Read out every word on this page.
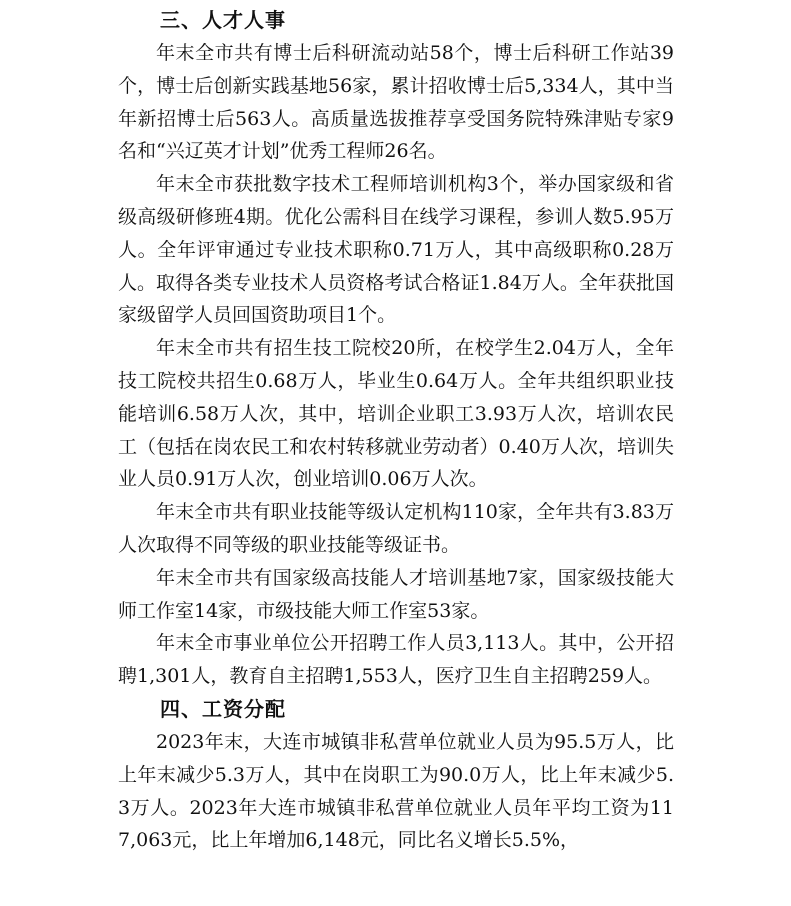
三、人才人事

年末全市共有博士后科研流动站58个，博士后科研工作站39个，博士后创新实践基地56家，累计招收博士后5,334人，其中当年新招博士后563人。高质量选拔推荐享受国务院特殊津贴专家9名和“兴辽英才计划”优秀工程师26名。

年末全市获批数字技术工程师培训机构3个，举办国家级和省级高级研修班4期。优化公需科目在线学习课程，参训人数5.95万人。全年评审通过专业技术职称0.71万人，其中高级职称0.28万人。取得各类专业技术人员资格考试合格证1.84万人。全年获批国家级留学人员回国资助项目1个。

年末全市共有招生技工院校20所，在校学生2.04万人，全年技工院校共招生0.68万人，毕业生0.64万人。全年共组织职业技能培训6.58万人次，其中，培训企业职工3.93万人次，培训农民工（包括在岗农民工和农村转移就业劳动者）0.40万人次，培训失业人员0.91万人次，创业培训0.06万人次。

年末全市共有职业技能等级认定机构110家，全年共有3.83万人次取得不同等级的职业技能等级证书。

年末全市共有国家级高技能人才培训基地7家，国家级技能大师工作室14家，市级技能大师工作室53家。

年末全市事业单位公开招聘工作人员3,113人。其中，公开招聘1,301人，教育自主招聘1,553人，医疗卫生自主招聘259人。

四、工资分配

2023年末，大连市城镇非私营单位就业人员为95.5万人，比上年末减少5.3万人，其中在岗职工为90.0万人，比上年末减少5.3万人。2023年大连市城镇非私营单位就业人员年平均工资为117,063元，比上年增加6,148元，同比名义增长5.5%，
